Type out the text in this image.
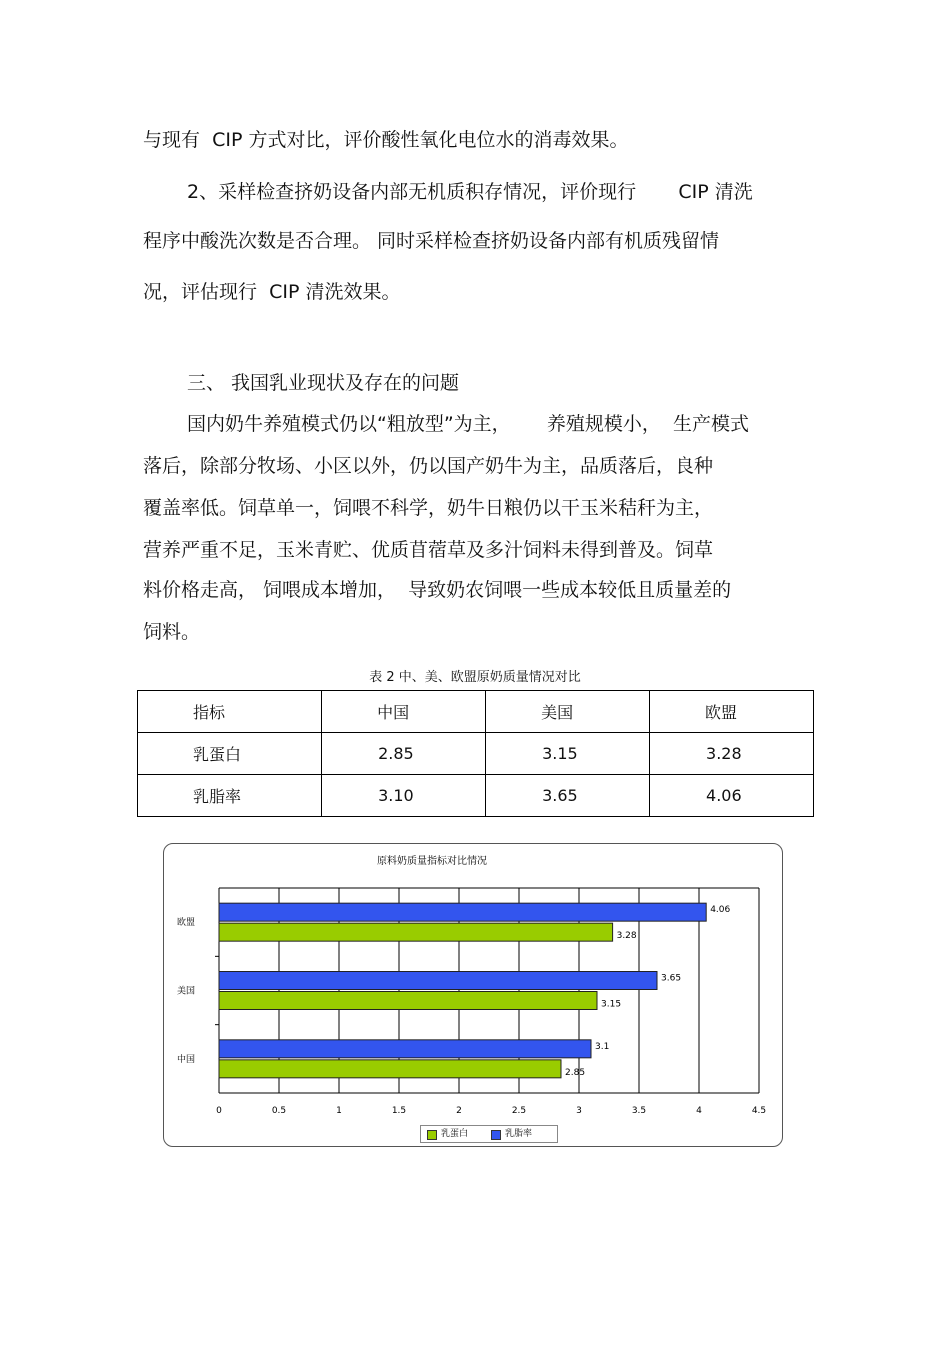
与现有  CIP 方式对比，评价酸性氧化电位水的消毒效果。
2、采样检查挤奶设备内部无机质积存情况，评价现行       CIP 清洗
程序中酸洗次数是否合理。 同时采样检查挤奶设备内部有机质残留情
况，评估现行  CIP 清洗效果。
三、 我国乳业现状及存在的问题
国内奶牛养殖模式仍以“粗放型”为主，      养殖规模小，  生产模式
落后，除部分牧场、小区以外，仍以国产奶牛为主，品质落后，良种
覆盖率低。饲草单一，饲喂不科学，奶牛日粮仍以干玉米秸秆为主，
营养严重不足，玉米青贮、优质苜蓿草及多汁饲料未得到普及。饲草
料价格走高， 饲喂成本增加，  导致奶农饲喂一些成本较低且质量差的
饲料。
表 2 中、美、欧盟原奶质量情况对比
指标	中国	美国	欧盟
乳蛋白	2.85	3.15	3.28
乳脂率	3.10	3.65	4.06
原料奶质量指标对比情况
0	0.5	1	1.5	2	2.5	3	3.5	4	4.5
欧盟
4.06
3.28
美国
3.65
3.15
中国
3.1
2.85
乳蛋白	乳脂率
